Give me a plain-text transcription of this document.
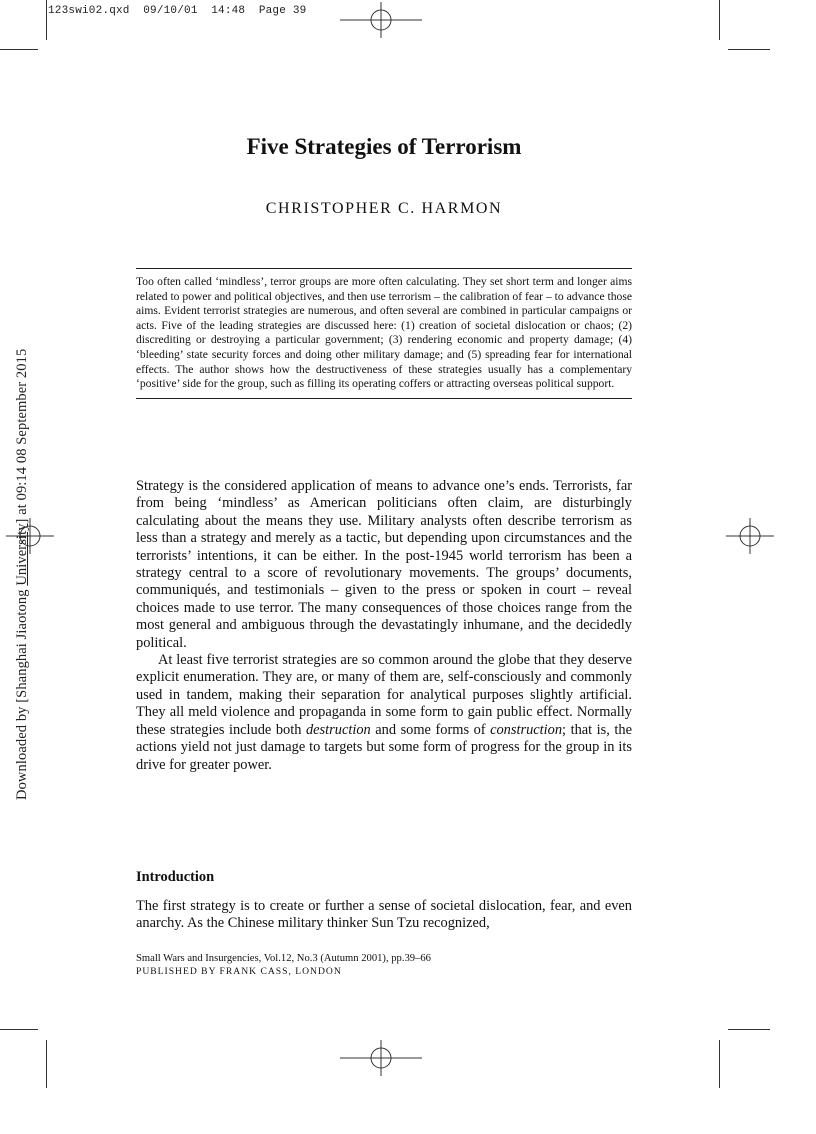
123swi02.qxd  09/10/01  14:48  Page 39
Downloaded by [Shanghai Jiaotong University] at 09:14 08 September 2015
Five Strategies of Terrorism
CHRISTOPHER C. HARMON
Too often called ‘mindless’, terror groups are more often calculating. They set short term and longer aims related to power and political objectives, and then use terrorism – the calibration of fear – to advance those aims. Evident terrorist strategies are numerous, and often several are combined in particular campaigns or acts. Five of the leading strategies are discussed here: (1) creation of societal dislocation or chaos; (2) discrediting or destroying a particular government; (3) rendering economic and property damage; (4) ‘bleeding’ state security forces and doing other military damage; and (5) spreading fear for international effects. The author shows how the destructiveness of these strategies usually has a complementary ‘positive’ side for the group, such as filling its operating coffers or attracting overseas political support.

Strategy is the considered application of means to advance one’s ends. Terrorists, far from being ‘mindless’ as American politicians often claim, are disturbingly calculating about the means they use. Military analysts often describe terrorism as less than a strategy and merely as a tactic, but depending upon circumstances and the terrorists’ intentions, it can be either. In the post-1945 world terrorism has been a strategy central to a score of revolutionary movements. The groups’ documents, communiqués, and testimonials – given to the press or spoken in court – reveal choices made to use terror. The many consequences of those choices range from the most general and ambiguous through the devastatingly inhumane, and the decidedly political.

At least five terrorist strategies are so common around the globe that they deserve explicit enumeration. They are, or many of them are, self-consciously and commonly used in tandem, making their separation for analytical purposes slightly artificial. They all meld violence and propaganda in some form to gain public effect. Normally these strategies include both destruction and some forms of construction; that is, the actions yield not just damage to targets but some form of progress for the group in its drive for greater power.

Introduction

The first strategy is to create or further a sense of societal dislocation, fear, and even anarchy. As the Chinese military thinker Sun Tzu recognized,

Small Wars and Insurgencies, Vol.12, No.3 (Autumn 2001), pp.39–66
PUBLISHED BY FRANK CASS, LONDON
